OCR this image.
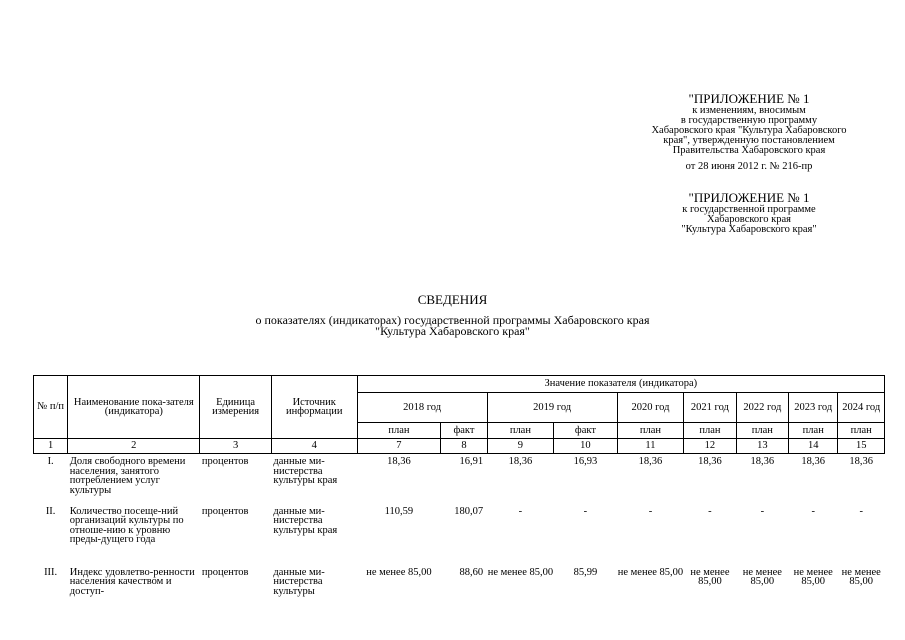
"ПРИЛОЖЕНИЕ № 1
к изменениям, вносимым
в государственную программу
Хабаровского края "Культура Хабаровского
края", утвержденную постановлением
Правительства Хабаровского края
от 28 июня 2012 г. № 216-пр
"ПРИЛОЖЕНИЕ № 1
к государственной программе
Хабаровского края
"Культура Хабаровского края"
СВЕДЕНИЯ
о показателях (индикаторах) государственной программы Хабаровского края
"Культура Хабаровского края"
№ п/п	Наименование пока-зателя (индикатора)	Единица измерения	Источник информации	Значение показателя (индикатора)								
				2018 год		2019 год		2020 год	2021 год	2022 год	2023 год	2024 год
				план	факт	план	факт	план	план	план	план	план
1	2	3	4	7	8	9	10	11	12	13	14	15
I.	Доля свободного времени населения, занятого потреблением услуг культуры	процентов	данные ми-нистерства культуры края	18,36	16,91	18,36	16,93	18,36	18,36	18,36	18,36	18,36
II.	Количество посеще-ний организаций культуры по отноше-нию к уровню преды-дущего года	процентов	данные ми-нистерства культуры края	110,59	180,07	-	-	-	-	-	-	-
III.	Индекс удовлетво-ренности населения качеством и доступ-	процентов	данные ми-нистерства культуры	не менее 85,00	88,60	не менее 85,00	85,99	не менее 85,00	не менее 85,00	не менее 85,00	не менее 85,00	не менее 85,00
